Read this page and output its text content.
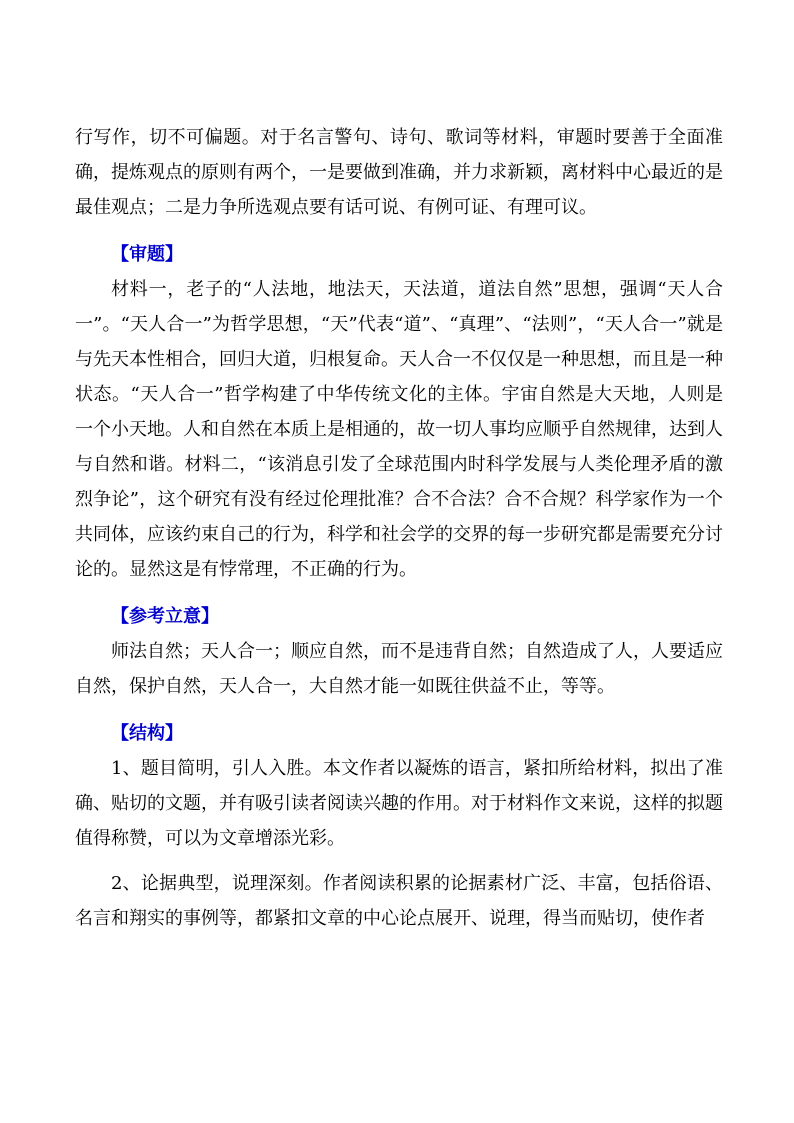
行写作，切不可偏题。对于名言警句、诗句、歌词等材料，审题时要善于全面准确，提炼观点的原则有两个，一是要做到准确，并力求新颖，离材料中心最近的是最佳观点；二是力争所选观点要有话可说、有例可证、有理可议。

【审题】

材料一，老子的“人法地，地法天，天法道，道法自然”思想，强调“天人合一”。“天人合一”为哲学思想，“天”代表“道”、“真理”、“法则”，“天人合一”就是与先天本性相合，回归大道，归根复命。天人合一不仅仅是一种思想，而且是一种状态。“天人合一”哲学构建了中华传统文化的主体。宇宙自然是大天地，人则是一个小天地。人和自然在本质上是相通的，故一切人事均应顺乎自然规律，达到人与自然和谐。材料二，“该消息引发了全球范围内时科学发展与人类伦理矛盾的激烈争论”，这个研究有没有经过伦理批准？合不合法？合不合规？科学家作为一个共同体，应该约束自己的行为，科学和社会学的交界的每一步研究都是需要充分讨论的。显然这是有悖常理，不正确的行为。

【参考立意】

师法自然；天人合一；顺应自然，而不是违背自然；自然造成了人，人要适应自然，保护自然，天人合一，大自然才能一如既往供益不止，等等。

【结构】

1、题目简明，引人入胜。本文作者以凝炼的语言，紧扣所给材料，拟出了准确、贴切的文题，并有吸引读者阅读兴趣的作用。对于材料作文来说，这样的拟题值得称赞，可以为文章增添光彩。

2、论据典型，说理深刻。作者阅读积累的论据素材广泛、丰富，包括俗语、名言和翔实的事例等，都紧扣文章的中心论点展开、说理，得当而贴切，使作者
